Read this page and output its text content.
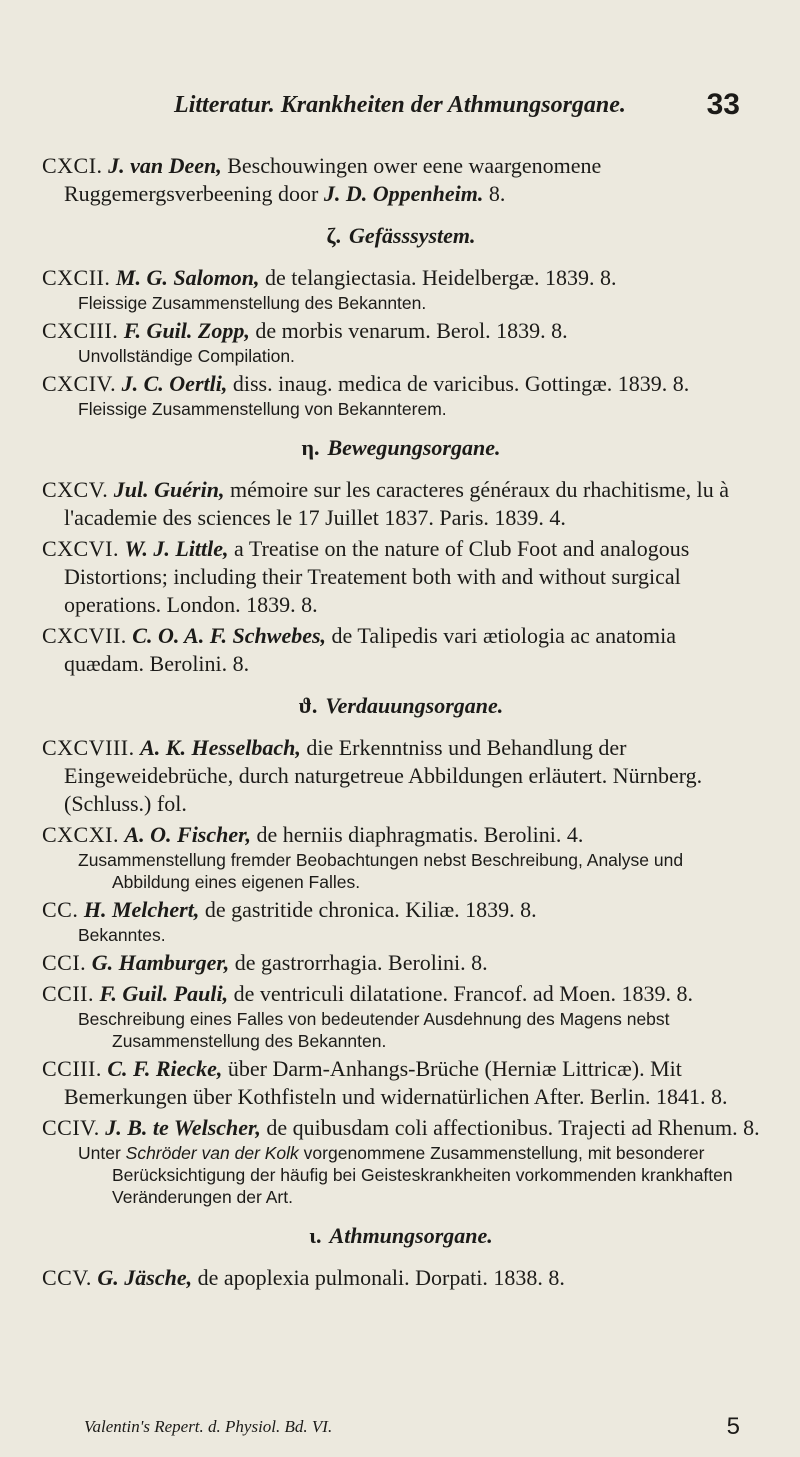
Litteratur. Krankheiten der Athmungsorgane.	33
CXCI. J. van Deen, Beschouwingen ower eene waargenomene Ruggemergsverbeening door J. D. Oppenheim. 8.
ζ. Gefässsystem.
CXCII. M. G. Salomon, de telangiectasia. Heidelbergæ. 1839. 8.
Fleissige Zusammenstellung des Bekannten.
CXCIII. F. Guil. Zopp, de morbis venarum. Berol. 1839. 8.
Unvollständige Compilation.
CXCIV. J. C. Oertli, diss. inaug. medica de varicibus. Gottingæ. 1839. 8.
Fleissige Zusammenstellung von Bekannterem.
η. Bewegungsorgane.
CXCV. Jul. Guérin, mémoire sur les caracteres généraux du rhachitisme, lu à l'academie des sciences le 17 Juillet 1837. Paris. 1839. 4.
CXCVI. W. J. Little, a Treatise on the nature of Club Foot and analogous Distortions; including their Treatement both with and without surgical operations. London. 1839. 8.
CXCVII. C. O. A. F. Schwebes, de Talipedis vari ætiologia ac anatomia quædam. Berolini. 8.
ϑ. Verdauungsorgane.
CXCVIII. A. K. Hesselbach, die Erkenntniss und Behandlung der Eingeweidebrüche, durch naturgetreue Abbildungen erläutert. Nürnberg. (Schluss.) fol.
CXCXI. A. O. Fischer, de herniis diaphragmatis. Berolini. 4.
Zusammenstellung fremder Beobachtungen nebst Beschreibung, Analyse und Abbildung eines eigenen Falles.
CC. H. Melchert, de gastritide chronica. Kiliæ. 1839. 8.
Bekanntes.
CCI. G. Hamburger, de gastrorrhagia. Berolini. 8.
CCII. F. Guil. Pauli, de ventriculi dilatatione. Francof. ad Moen. 1839. 8.
Beschreibung eines Falles von bedeutender Ausdehnung des Magens nebst Zusammenstellung des Bekannten.
CCIII. C. F. Riecke, über Darm-Anhangs-Brüche (Herniæ Littricæ). Mit Bemerkungen über Kothfisteln und widernatürlichen After. Berlin. 1841. 8.
CCIV. J. B. te Welscher, de quibusdam coli affectionibus. Trajecti ad Rhenum. 8.
Unter Schröder van der Kolk vorgenommene Zusammenstellung, mit besonderer Berücksichtigung der häufig bei Geisteskrankheiten vorkommenden krankhaften Veränderungen der Art.
ι. Athmungsorgane.
CCV. G. Jäsche, de apoplexia pulmonali. Dorpati. 1838. 8.
Valentin's Repert. d. Physiol. Bd. VI.	5
